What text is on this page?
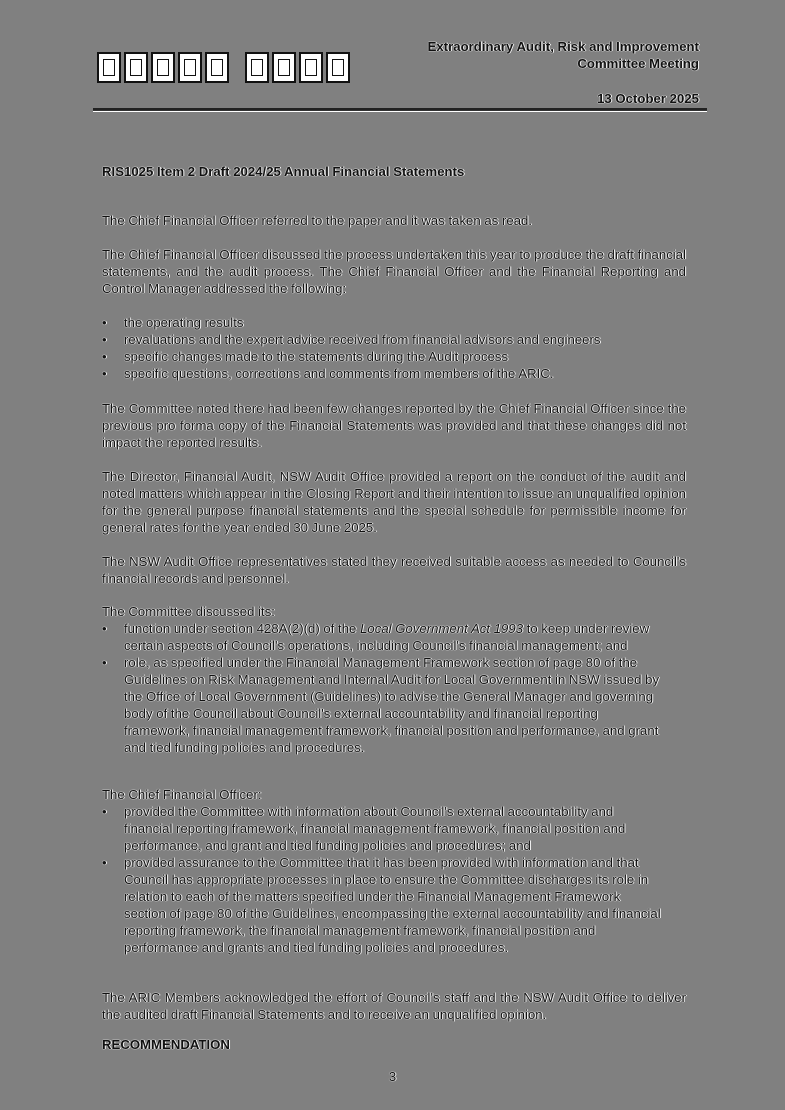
Extraordinary Audit, Risk and Improvement
Committee Meeting
13 October 2025

RIS1025 Item 2 Draft 2024/25 Annual Financial Statements

The Chief Financial Officer referred to the paper and it was taken as read.

The Chief Financial Officer discussed the process undertaken this year to produce the draft financial statements, and the audit process. The Chief Financial Officer and the Financial Reporting and Control Manager addressed the following:

• the operating results
• revaluations and the expert advice received from financial advisors and engineers
• specific changes made to the statements during the Audit process
• specific questions, corrections and comments from members of the ARIC.

The Committee noted there had been few changes reported by the Chief Financial Officer since the previous pro forma copy of the Financial Statements was provided and that these changes did not impact the reported results.

The Director, Financial Audit, NSW Audit Office provided a report on the conduct of the audit and noted matters which appear in the Closing Report and their intention to issue an unqualified opinion for the general purpose financial statements and the special schedule for permissible income for general rates for the year ended 30 June 2025.

The NSW Audit Office representatives stated they received suitable access as needed to Council's financial records and personnel.

The Committee discussed its:

• function under section 428A(2)(d) of the Local Government Act 1993 to keep under review certain aspects of Council's operations, including Council's financial management; and
• role, as specified under the Financial Management Framework section of page 80 of the Guidelines on Risk Management and Internal Audit for Local Government in NSW issued by the Office of Local Government (Guidelines) to advise the General Manager and governing body of the Council about Council's external accountability and financial reporting framework, financial management framework, financial position and performance, and grant and tied funding policies and procedures.

The Chief Financial Officer:

• provided the Committee with information about Council's external accountability and financial reporting framework, financial management framework, financial position and performance, and grant and tied funding policies and procedures; and
• provided assurance to the Committee that it has been provided with information and that Council has appropriate processes in place to ensure the Committee discharges its role in relation to each of the matters specified under the Financial Management Framework section of page 80 of the Guidelines, encompassing the external accountability and financial reporting framework, the financial management framework, financial position and performance and grants and tied funding policies and procedures.

The ARIC Members acknowledged the effort of Council's staff and the NSW Audit Office to deliver the audited draft Financial Statements and to receive an unqualified opinion.

RECOMMENDATION
3
